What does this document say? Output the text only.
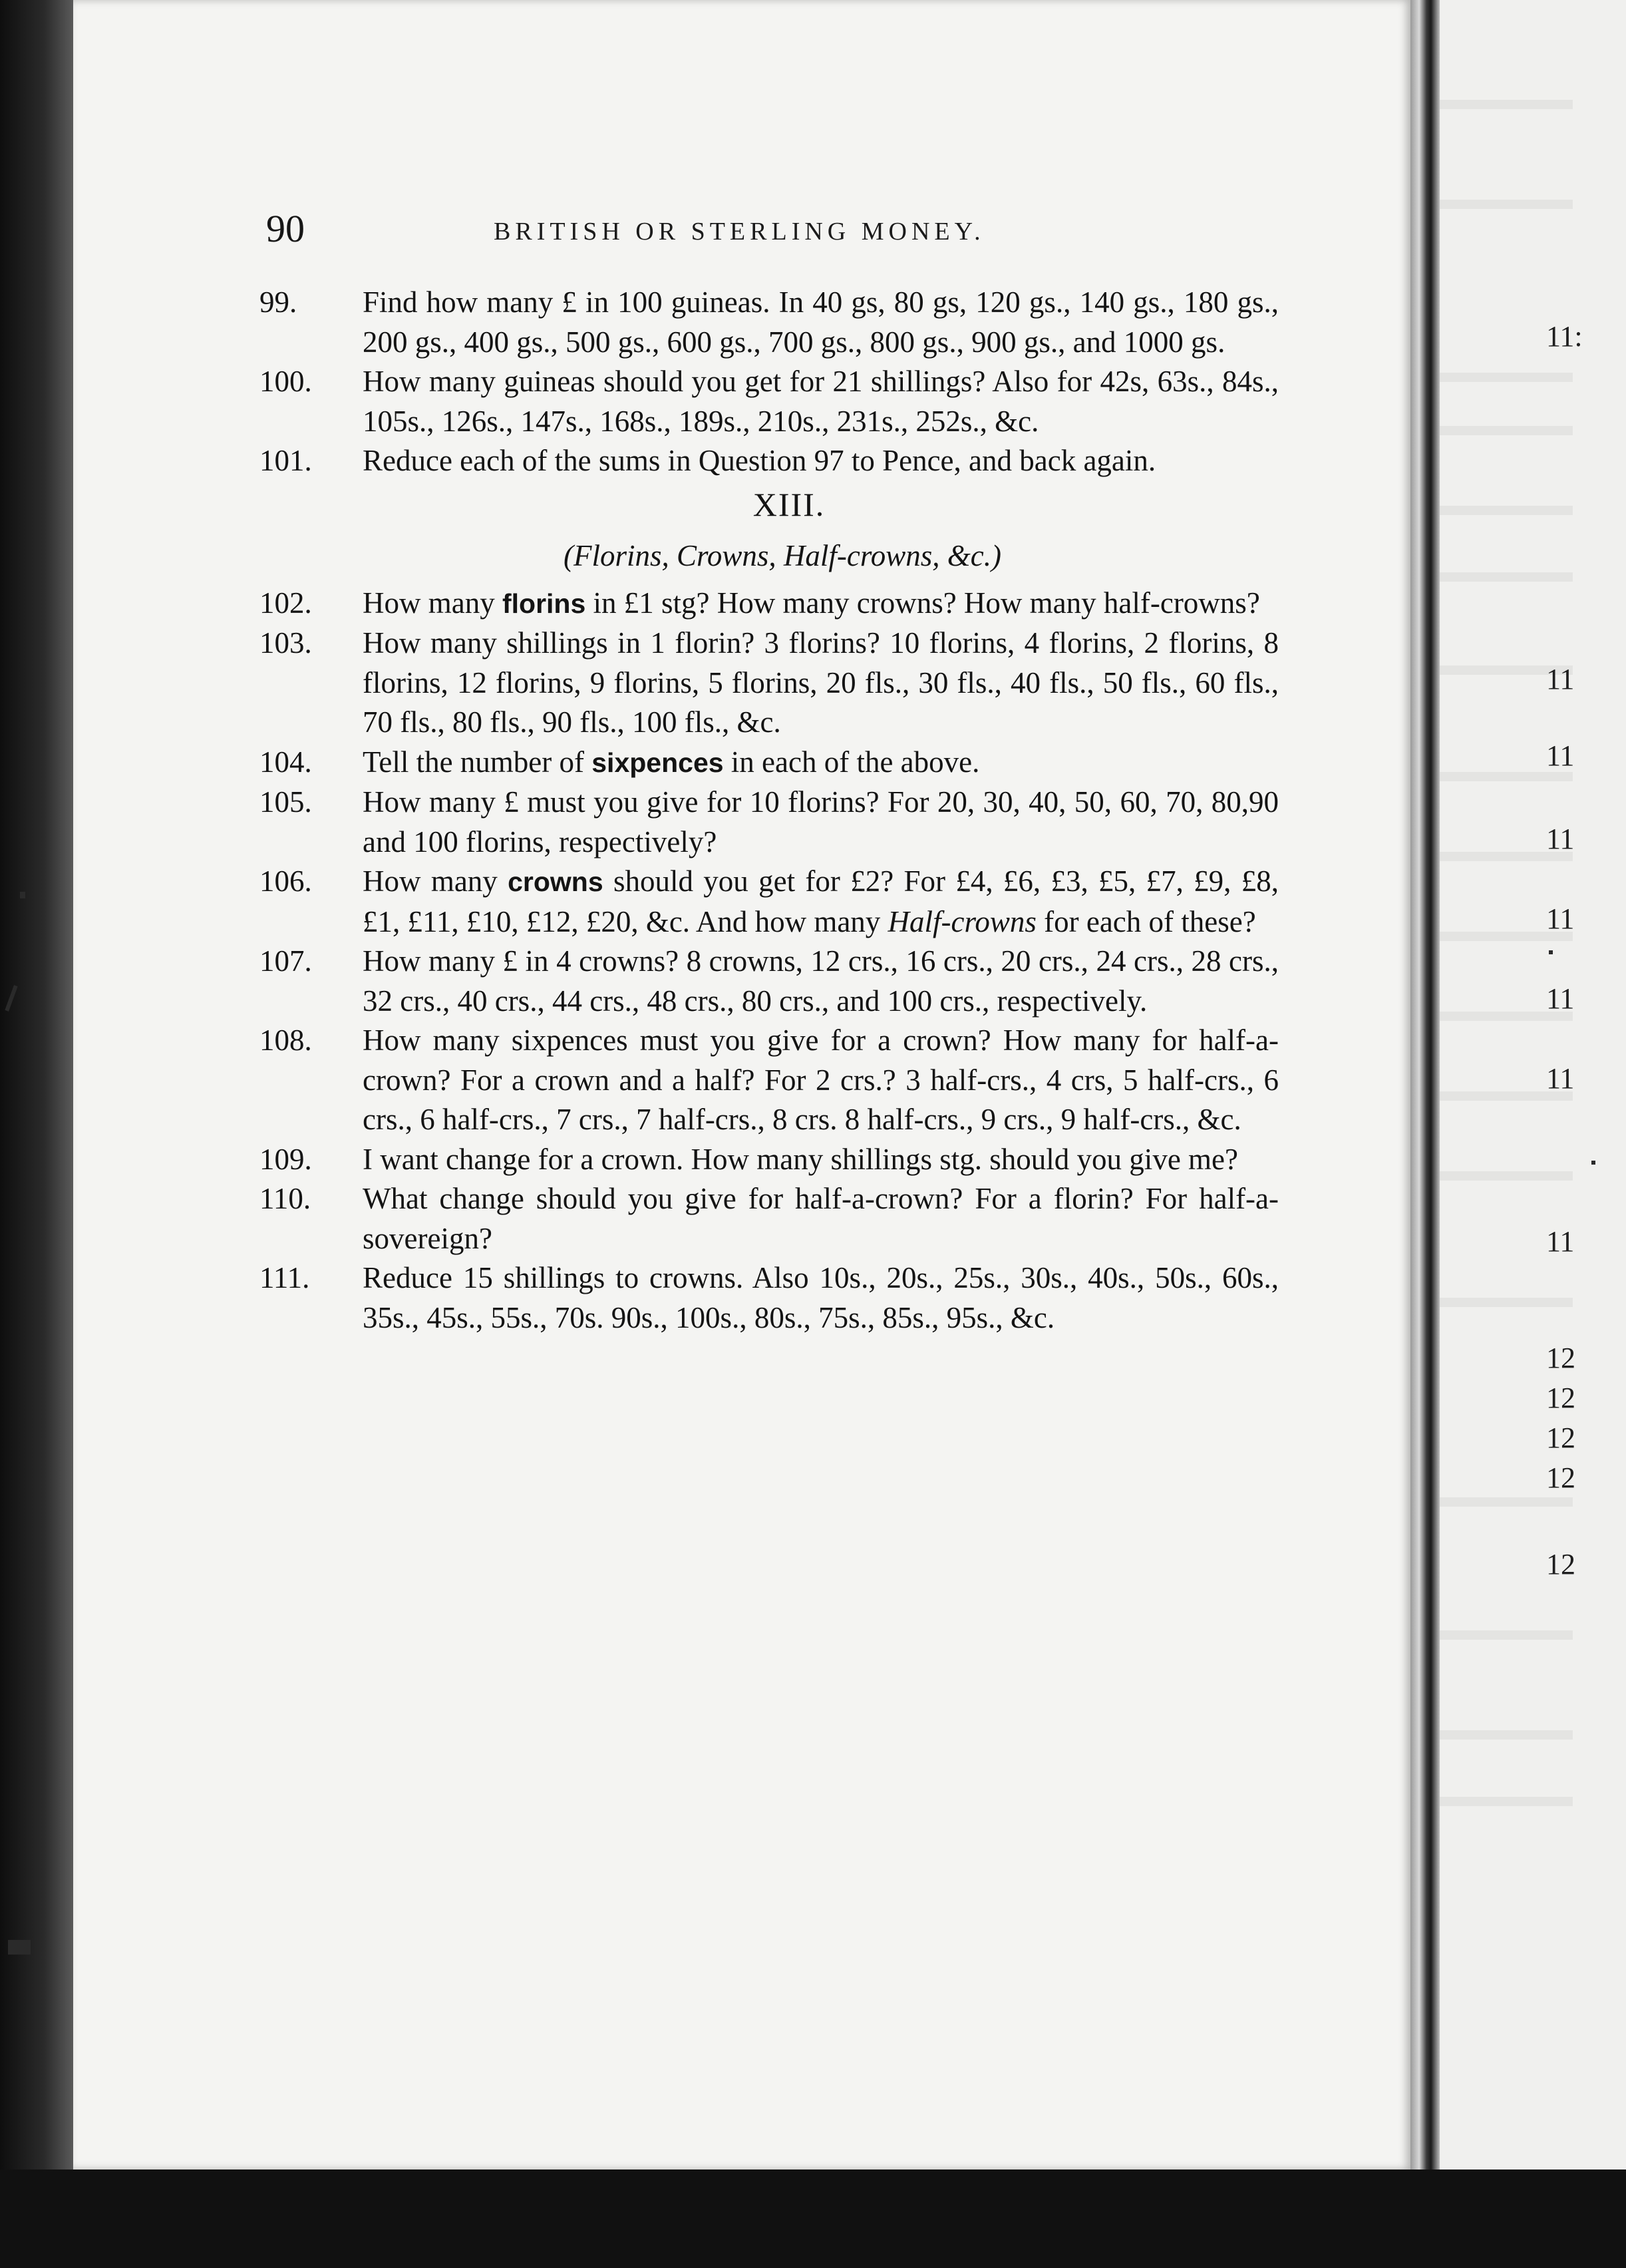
90	BRITISH OR STERLING MONEY.

99.	Find how many £ in 100 guineas. In 40 gs, 80 gs, 120 gs., 140 gs., 180 gs., 200 gs., 400 gs., 500 gs., 600 gs., 700 gs., 800 gs., 900 gs., and 1000 gs.

100.	How many guineas should you get for 21 shillings? Also for 42s, 63s., 84s., 105s., 126s., 147s., 168s., 189s., 210s., 231s., 252s., &c.

101.	Reduce each of the sums in Question 97 to Pence, and back again.

XIII.

(Florins, Crowns, Half-crowns, &c.)

102.	How many florins in £1 stg? How many crowns? How many half-crowns?

103.	How many shillings in 1 florin? 3 florins? 10 florins, 4 florins, 2 florins, 8 florins, 12 florins, 9 florins, 5 florins, 20 fls., 30 fls., 40 fls., 50 fls., 60 fls., 70 fls., 80 fls., 90 fls., 100 fls., &c.

104.	Tell the number of sixpences in each of the above.

105.	How many £ must you give for 10 florins? For 20, 30, 40, 50, 60, 70, 80,90 and 100 florins, respectively?

106.	How many crowns should you get for £2? For £4, £6, £3, £5, £7, £9, £8, £1, £11, £10, £12, £20, &c. And how many Half-crowns for each of these?

107.	How many £ in 4 crowns? 8 crowns, 12 crs., 16 crs., 20 crs., 24 crs., 28 crs., 32 crs., 40 crs., 44 crs., 48 crs., 80 crs., and 100 crs., respectively.

108.	How many sixpences must you give for a crown? How many for half-a-crown? For a crown and a half? For 2 crs.? 3 half-crs., 4 crs, 5 half-crs., 6 crs., 6 half-crs., 7 crs., 7 half-crs., 8 crs. 8 half-crs., 9 crs., 9 half-crs., &c.

109.	I want change for a crown. How many shillings stg. should you give me?

110.	What change should you give for half-a-crown? For a florin? For half-a-sovereign?

111.	Reduce 15 shillings to crowns. Also 10s., 20s., 25s., 30s., 40s., 50s., 60s., 35s., 45s., 55s., 70s. 90s., 100s., 80s., 75s., 85s., 95s., &c.

11:
11
11
11
11
11
11
11
12
12
12
12
12
